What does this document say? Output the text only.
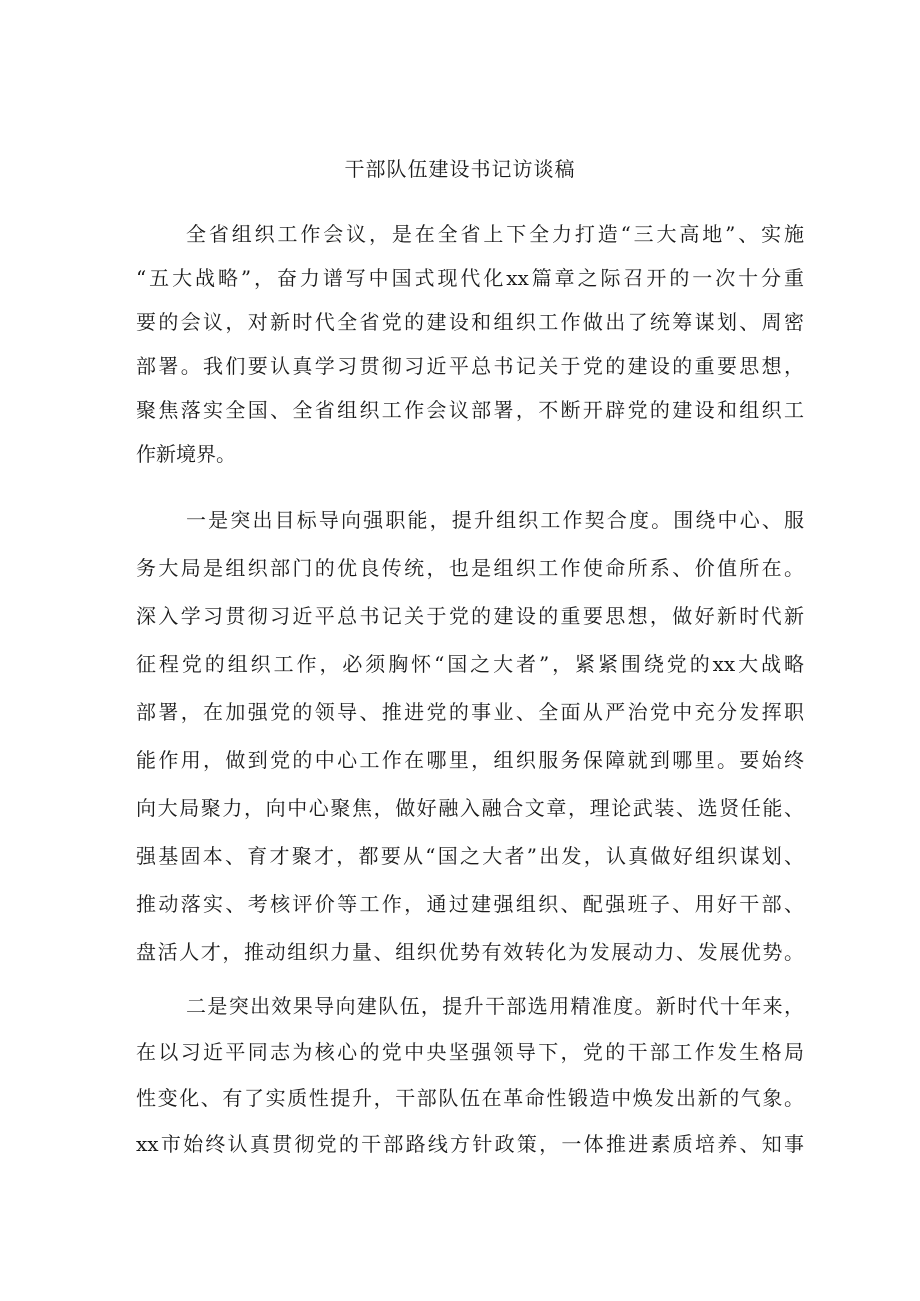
干部队伍建设书记访谈稿
全省组织工作会议，是在全省上下全力打造“三大高地”、实施
“五大战略”，奋力谱写中国式现代化xx篇章之际召开的一次十分重
要的会议，对新时代全省党的建设和组织工作做出了统筹谋划、周密
部署。我们要认真学习贯彻习近平总书记关于党的建设的重要思想，
聚焦落实全国、全省组织工作会议部署，不断开辟党的建设和组织工
作新境界。
一是突出目标导向强职能，提升组织工作契合度。围绕中心、服
务大局是组织部门的优良传统，也是组织工作使命所系、价值所在。
深入学习贯彻习近平总书记关于党的建设的重要思想，做好新时代新
征程党的组织工作，必须胸怀“国之大者”，紧紧围绕党的xx大战略
部署，在加强党的领导、推进党的事业、全面从严治党中充分发挥职
能作用，做到党的中心工作在哪里，组织服务保障就到哪里。要始终
向大局聚力，向中心聚焦，做好融入融合文章，理论武装、选贤任能、
强基固本、育才聚才，都要从“国之大者”出发，认真做好组织谋划、
推动落实、考核评价等工作，通过建强组织、配强班子、用好干部、
盘活人才，推动组织力量、组织优势有效转化为发展动力、发展优势。
二是突出效果导向建队伍，提升干部选用精准度。新时代十年来，
在以习近平同志为核心的党中央坚强领导下，党的干部工作发生格局
性变化、有了实质性提升，干部队伍在革命性锻造中焕发出新的气象。
xx市始终认真贯彻党的干部路线方针政策，一体推进素质培养、知事
